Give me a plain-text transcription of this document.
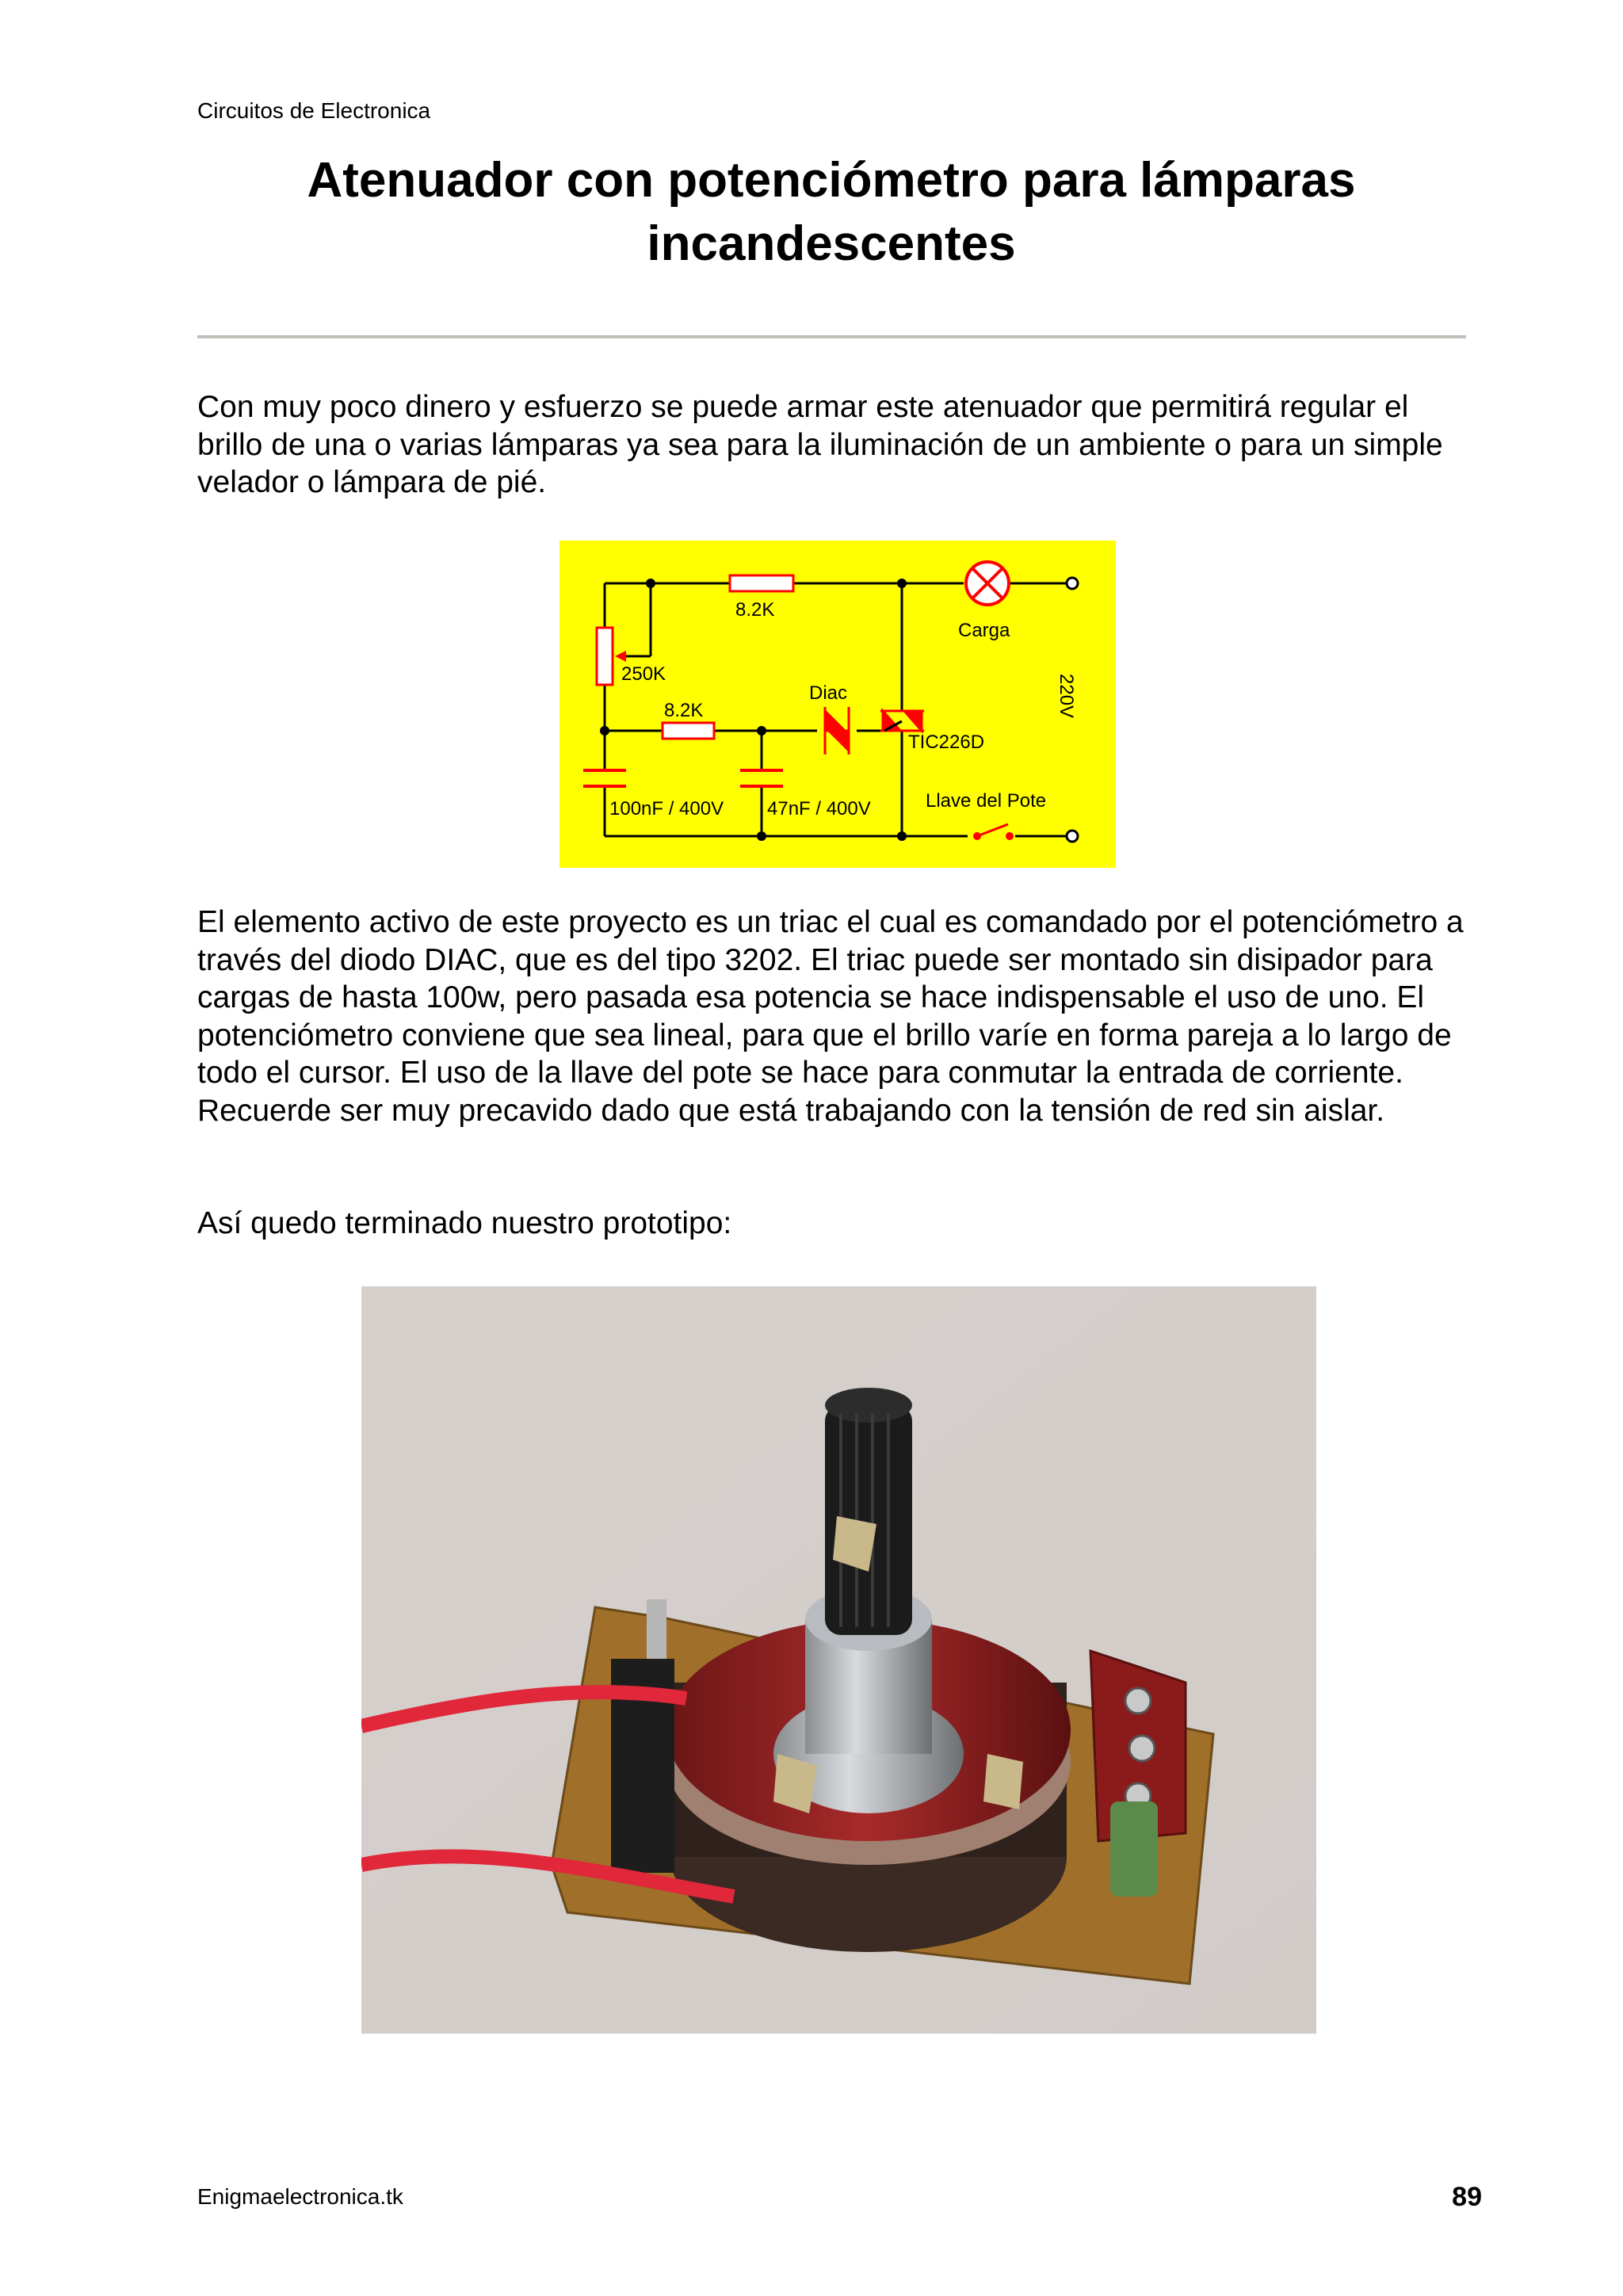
Circuitos de Electronica
Atenuador con potenciómetro para lámparas incandescentes
Con muy poco dinero y esfuerzo se puede armar este atenuador que permitirá regular el brillo de una o varias lámparas ya sea para la iluminación de un ambiente o para un simple velador o lámpara de pié.
8.2K
250K
8.2K
Diac
TIC226D
Carga
220V
100nF / 400V 47nF / 400V	Llave del Pote
El elemento activo de este proyecto es un triac el cual es comandado por el potenciómetro a través del diodo DIAC, que es del tipo 3202. El triac puede ser montado sin disipador para cargas de hasta 100w, pero pasada esa potencia se hace indispensable el uso de uno. El potenciómetro conviene que sea lineal, para que el brillo varíe en forma pareja a lo largo de todo el cursor. El uso de la llave del pote se hace para conmutar la entrada de corriente. Recuerde ser muy precavido dado que está trabajando con la tensión de red sin aislar.
Así quedo terminado nuestro prototipo:
Enigmaelectronica.tk	89
